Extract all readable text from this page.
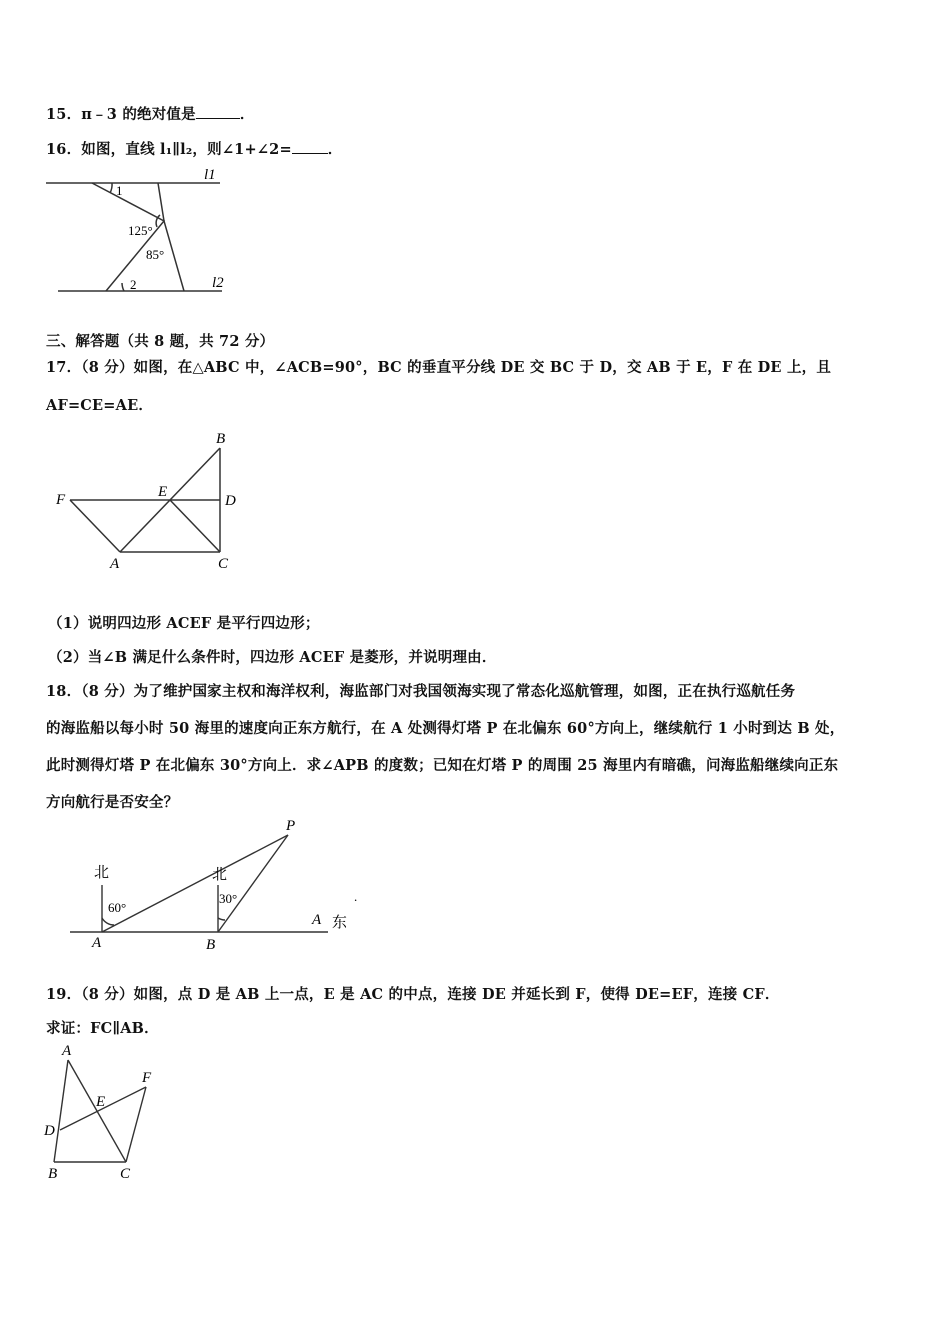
15．π﹣3 的绝对值是	．
16．如图，直线 l₁∥l₂，则∠1+∠2= ．
l1
l2
1
2
125°
85°
三、解答题（共 8 题，共 72 分）
17．（8 分）如图，在△ABC 中，∠ACB=90°，BC 的垂直平分线 DE 交 BC 于 D，交 AB 于 E，F 在 DE 上，且
AF=CE=AE．
B
F	E
D
A	C
（1）说明四边形 ACEF 是平行四边形；
（2）当∠B 满足什么条件时，四边形 ACEF 是菱形，并说明理由．
18．（8 分）为了维护国家主权和海洋权利，海监部门对我国领海实现了常态化巡航管理，如图，正在执行巡航任务
的海监船以每小时 50 海里的速度向正东方航行，在 A 处测得灯塔 P 在北偏东 60°方向上，继续航行 1 小时到达 B 处，
此时测得灯塔 P 在北偏东 30°方向上．求∠APB 的度数；已知在灯塔 P 的周围 25 海里内有暗礁，问海监船继续向正东
方向航行是否安全？
P
北	北
60°
30°
A	B
A 东
.
19．（8 分）如图，点 D 是 AB 上一点，E 是 AC 的中点，连接 DE 并延长到 F，使得 DE=EF，连接 CF．
求证：FC∥AB．
A
F
E
D
B	C
